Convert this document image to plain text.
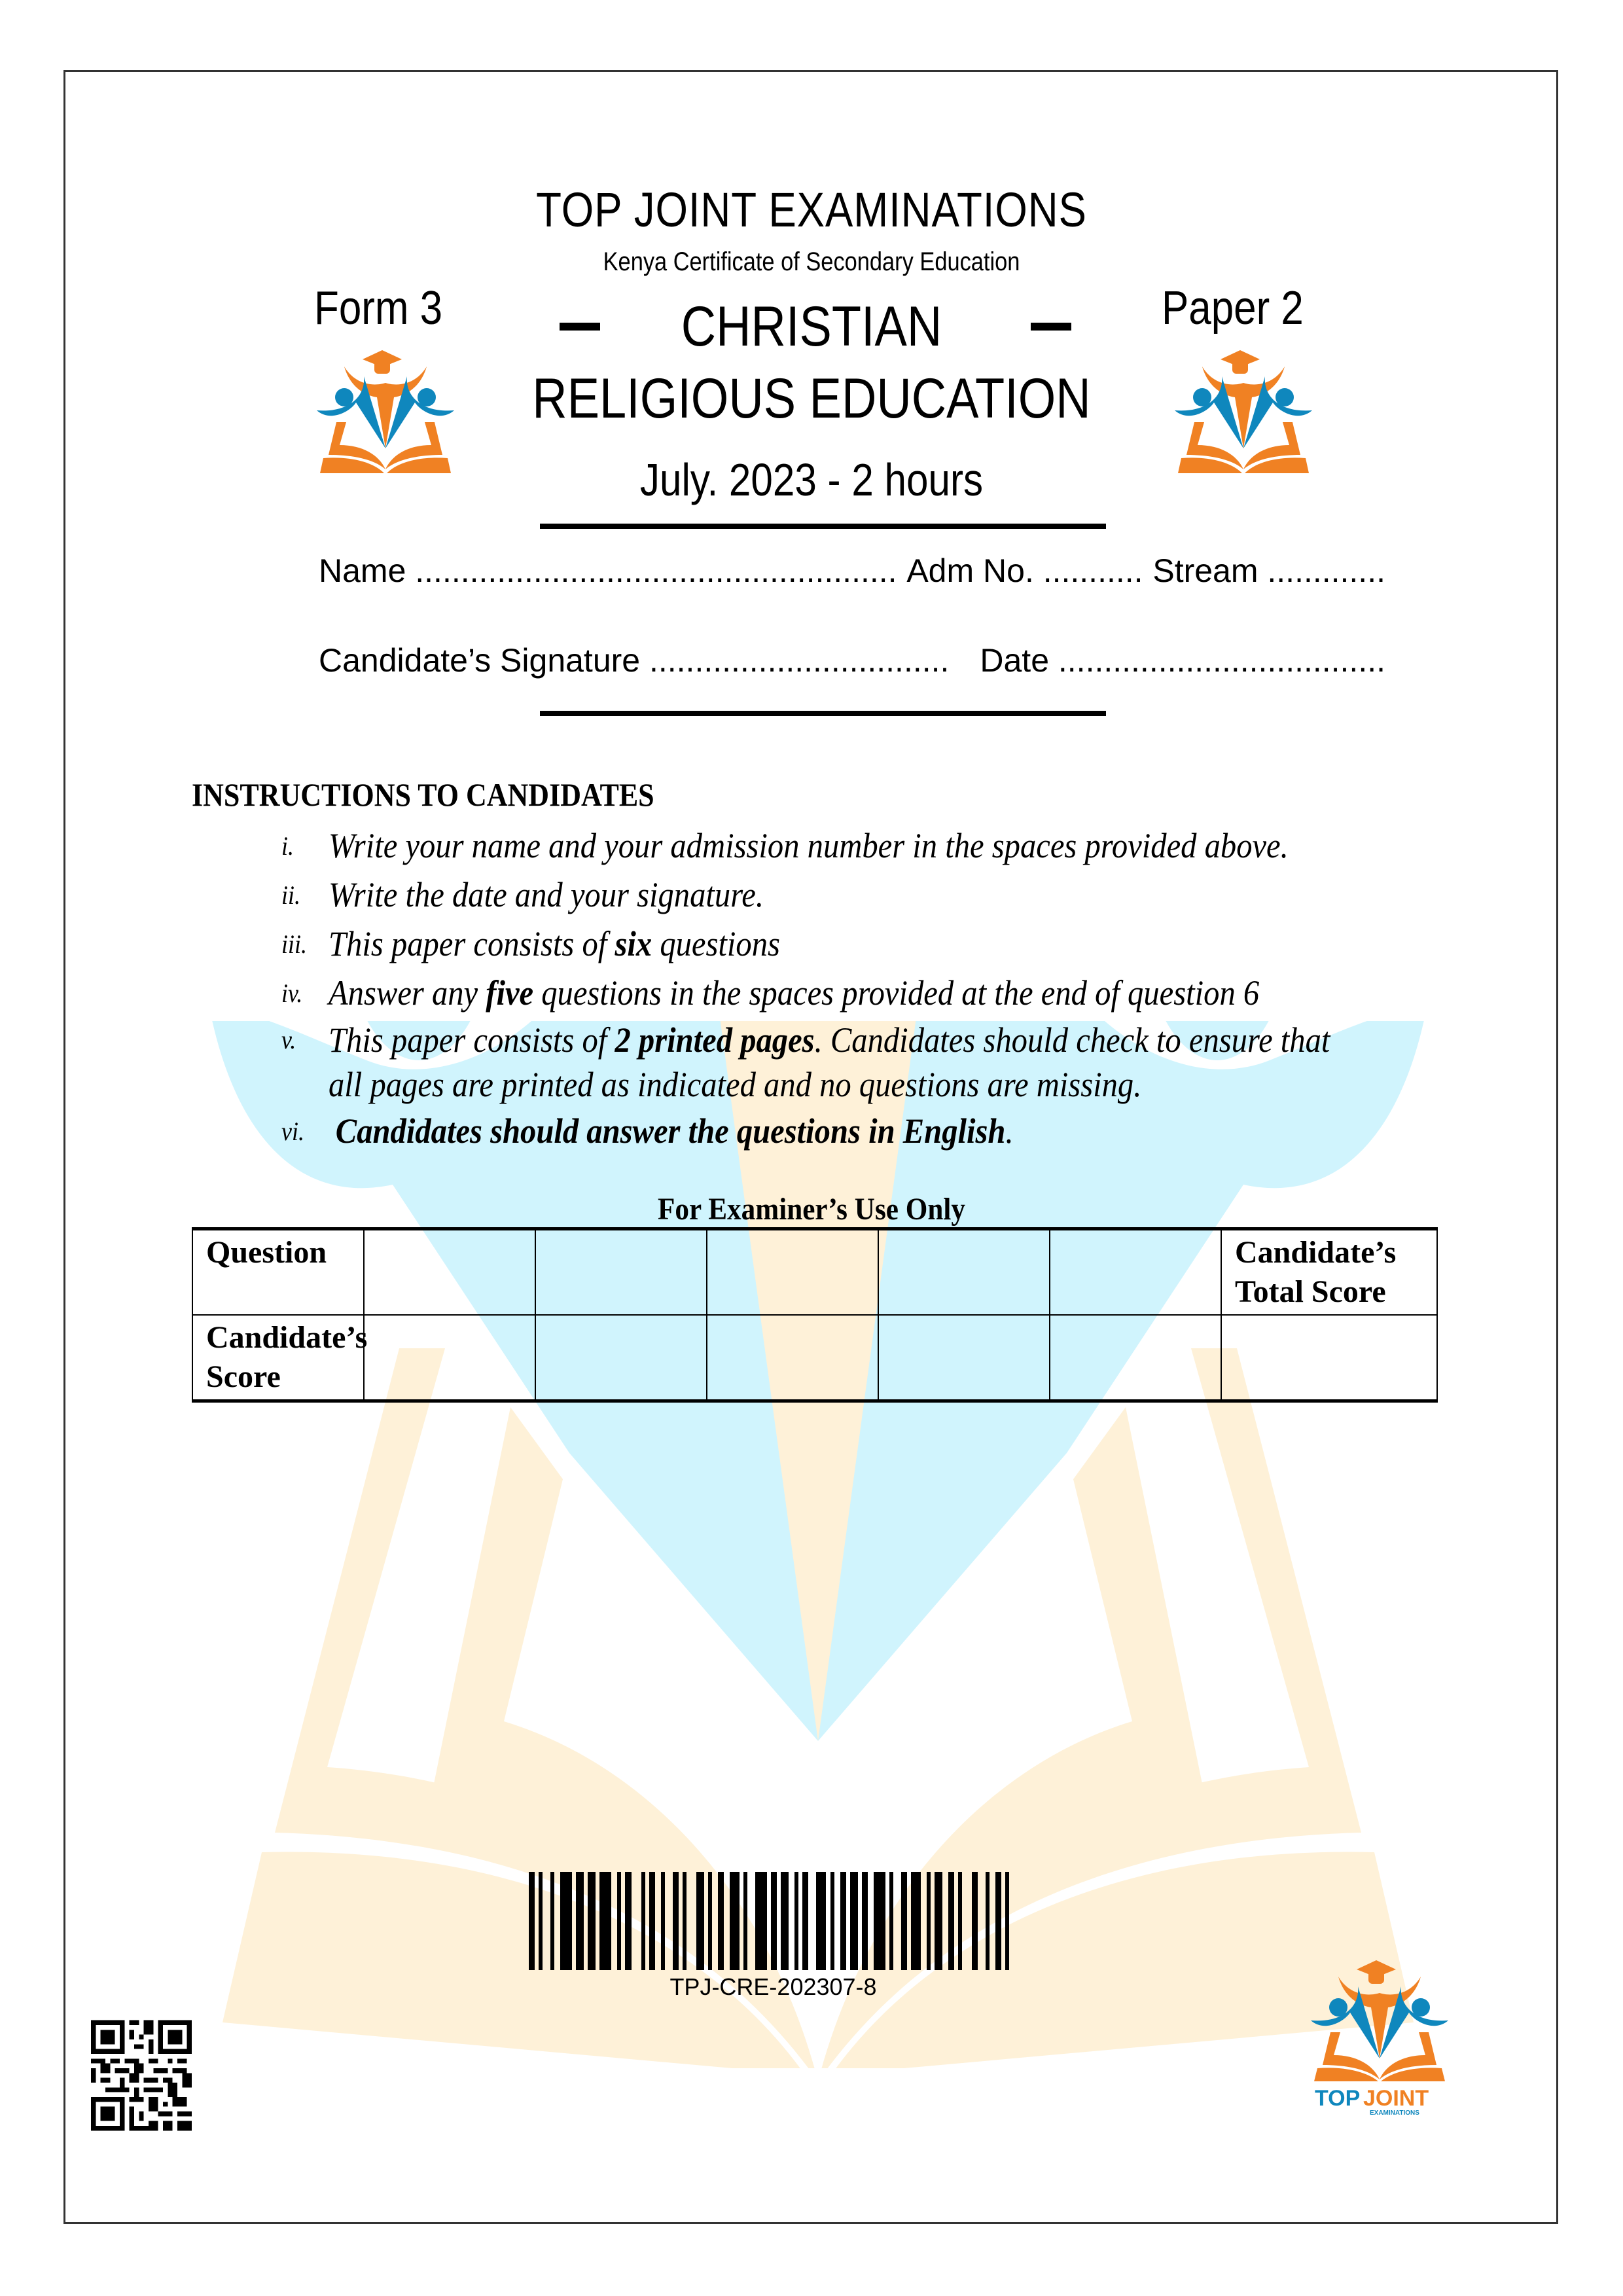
TOP JOINT EXAMINATIONS
Kenya Certificate of Secondary Education
Form 3	Paper 2
CHRISTIAN
RELIGIOUS EDUCATION
July. 2023 - 2 hours
Name ..................................................... Adm No. ........... Stream .............
Candidate’s Signature ................................. Date ....................................
INSTRUCTIONS TO CANDIDATES
i. Write your name and your admission number in the spaces provided above.
ii. Write the date and your signature.
iii. This paper consists of six questions
iv. Answer any five questions in the spaces provided at the end of question 6
v. This paper consists of 2 printed pages. Candidates should check to ensure that all pages are printed as indicated and no questions are missing.
vi. Candidates should answer the questions in English.
For Examiner’s Use Only
Question						Candidate’s Total Score
Candidate’s Score						
TPJ-CRE-202307-8
TOP JOINT
EXAMINATIONS
